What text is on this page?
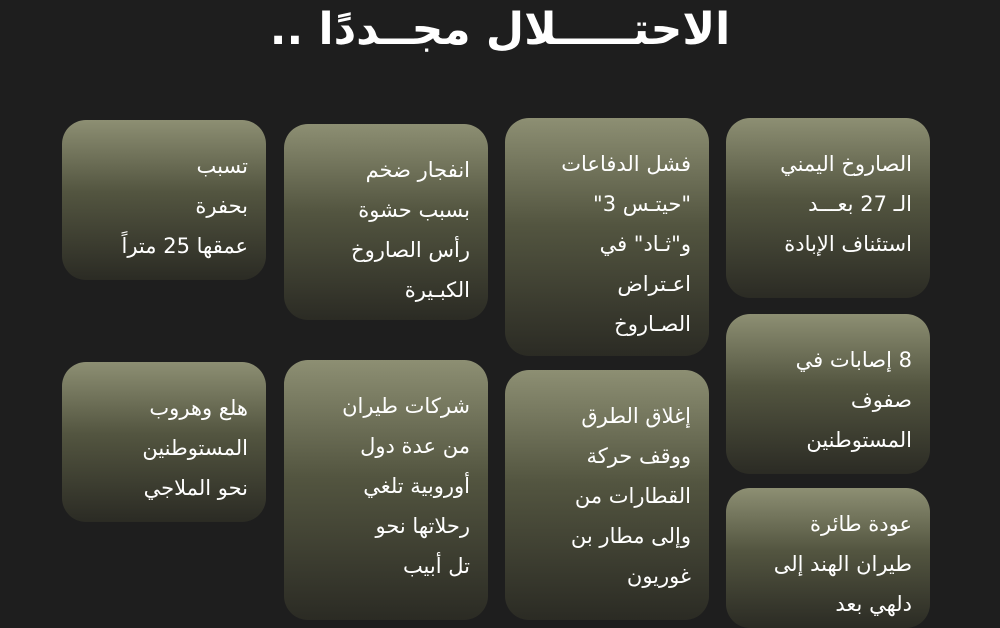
الاحتـــــلال مجــددًا ..
الصاروخ اليمني
الـ 27 بعـــد
استئناف الإبادة
8 إصابات في
صفوف
المستوطنين
عودة طائرة
طيران الهند إلى
دلهي بعد
فشل الدفاعات
"حيتـس 3"
و"ثـاد" في
اعـتراض
الصـاروخ
إغلاق الطرق
ووقف حركة
القطارات من
وإلى مطار بن
غوريون
انفجار ضخم
بسبب حشوة
رأس الصاروخ
الكبـيرة
شركات طيران
من عدة دول
أوروبية تلغي
رحلاتها نحو
تل أبيب
تسبب
بحفرة
عمقها 25 متراً
هلع وهروب
المستوطنين
نحو الملاجي
